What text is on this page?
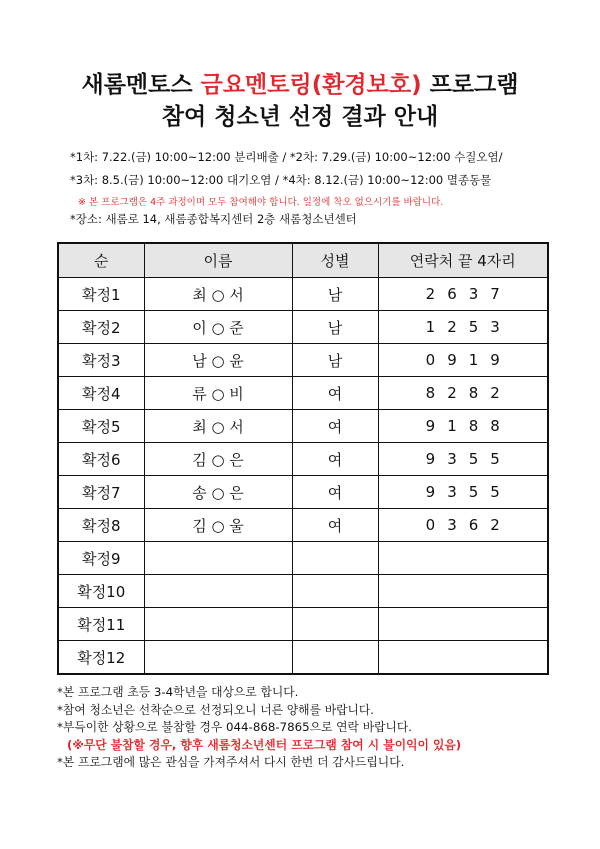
새롬멘토스 금요멘토링(환경보호) 프로그램
참여 청소년 선정 결과 안내
*1차: 7.22.(금) 10:00~12:00 분리배출 / *2차: 7.29.(금) 10:00~12:00 수질오염/
*3차: 8.5.(금) 10:00~12:00 대기오염 / *4차: 8.12.(금) 10:00~12:00 멸종동물
※ 본 프로그램은 4주 과정이며 모두 참여해야 합니다. 일정에 착오 없으시기를 바랍니다.
*장소: 새롬로 14, 새롬종합복지센터 2층 새롬청소년센터
순	이름	성별	연락처 끝 4자리
확정1	최 ○ 서	남	2637
확정2	이 ○ 준	남	1253
확정3	남 ○ 윤	남	0919
확정4	류 ○ 비	여	8282
확정5	최 ○ 서	여	9188
확정6	김 ○ 은	여	9355
확정7	송 ○ 은	여	9355
확정8	김 ○ 울	여	0362
확정9			
확정10			
확정11			
확정12			
*본 프로그램 초등 3-4학년을 대상으로 합니다.
*참여 청소년은 선착순으로 선정되오니 너른 양해를 바랍니다.
*부득이한 상황으로 불참할 경우 044-868-7865으로 연락 바랍니다.
(※무단 불참할 경우, 향후 새롬청소년센터 프로그램 참여 시 불이익이 있음)
*본 프로그램에 많은 관심을 가져주셔서 다시 한번 더 감사드립니다.
